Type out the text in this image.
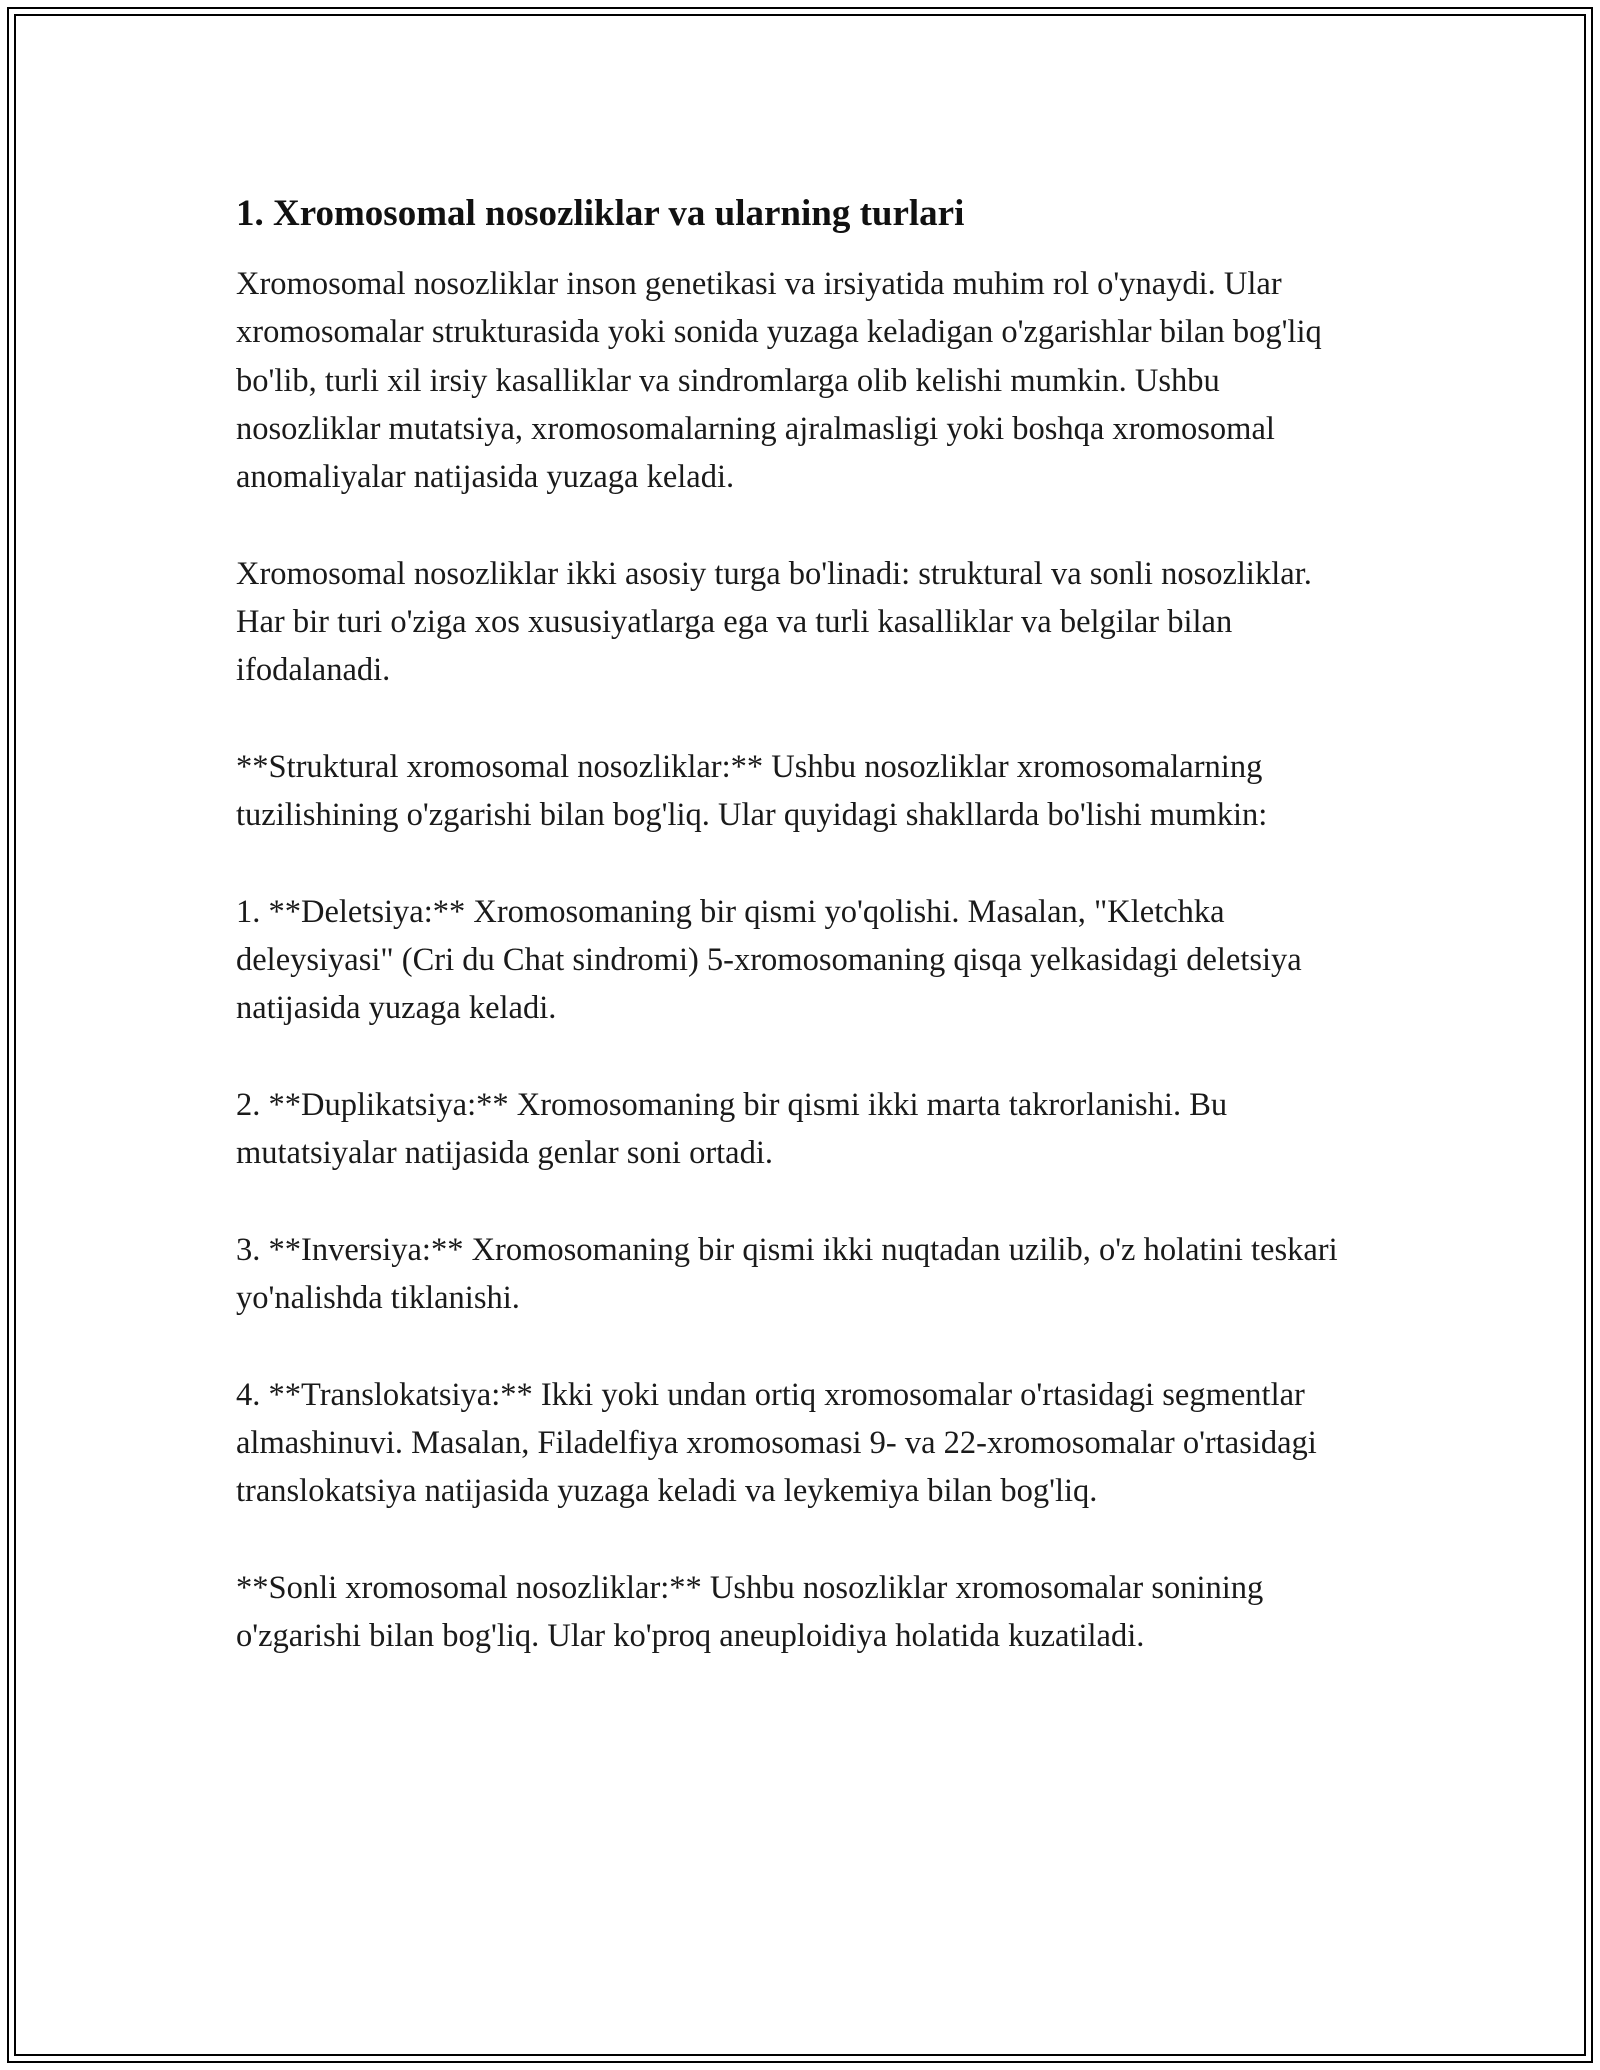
1. Xromosomal nosozliklar va ularning turlari

Xromosomal nosozliklar inson genetikasi va irsiyatida muhim rol o'ynaydi. Ular xromosomalar strukturasida yoki sonida yuzaga keladigan o'zgarishlar bilan bog'liq bo'lib, turli xil irsiy kasalliklar va sindromlarga olib kelishi mumkin. Ushbu nosozliklar mutatsiya, xromosomalarning ajralmasligi yoki boshqa xromosomal anomaliyalar natijasida yuzaga keladi.

Xromosomal nosozliklar ikki asosiy turga bo'linadi: struktural va sonli nosozliklar. Har bir turi o'ziga xos xususiyatlarga ega va turli kasalliklar va belgilar bilan ifodalanadi.

**Struktural xromosomal nosozliklar:** Ushbu nosozliklar xromosomalarning tuzilishining o'zgarishi bilan bog'liq. Ular quyidagi shakllarda bo'lishi mumkin:

1. **Deletsiya:** Xromosomaning bir qismi yo'qolishi. Masalan, "Kletchka deleysiyasi" (Cri du Chat sindromi) 5-xromosomaning qisqa yelkasidagi deletsiya natijasida yuzaga keladi.

2. **Duplikatsiya:** Xromosomaning bir qismi ikki marta takrorlanishi. Bu mutatsiyalar natijasida genlar soni ortadi.

3. **Inversiya:** Xromosomaning bir qismi ikki nuqtadan uzilib, o'z holatini teskari yo'nalishda tiklanishi.

4. **Translokatsiya:** Ikki yoki undan ortiq xromosomalar o'rtasidagi segmentlar almashinuvi. Masalan, Filadelfiya xromosomasi 9- va 22-xromosomalar o'rtasidagi translokatsiya natijasida yuzaga keladi va leykemiya bilan bog'liq.

**Sonli xromosomal nosozliklar:** Ushbu nosozliklar xromosomalar sonining o'zgarishi bilan bog'liq. Ular ko'proq aneuploidiya holatida kuzatiladi.
